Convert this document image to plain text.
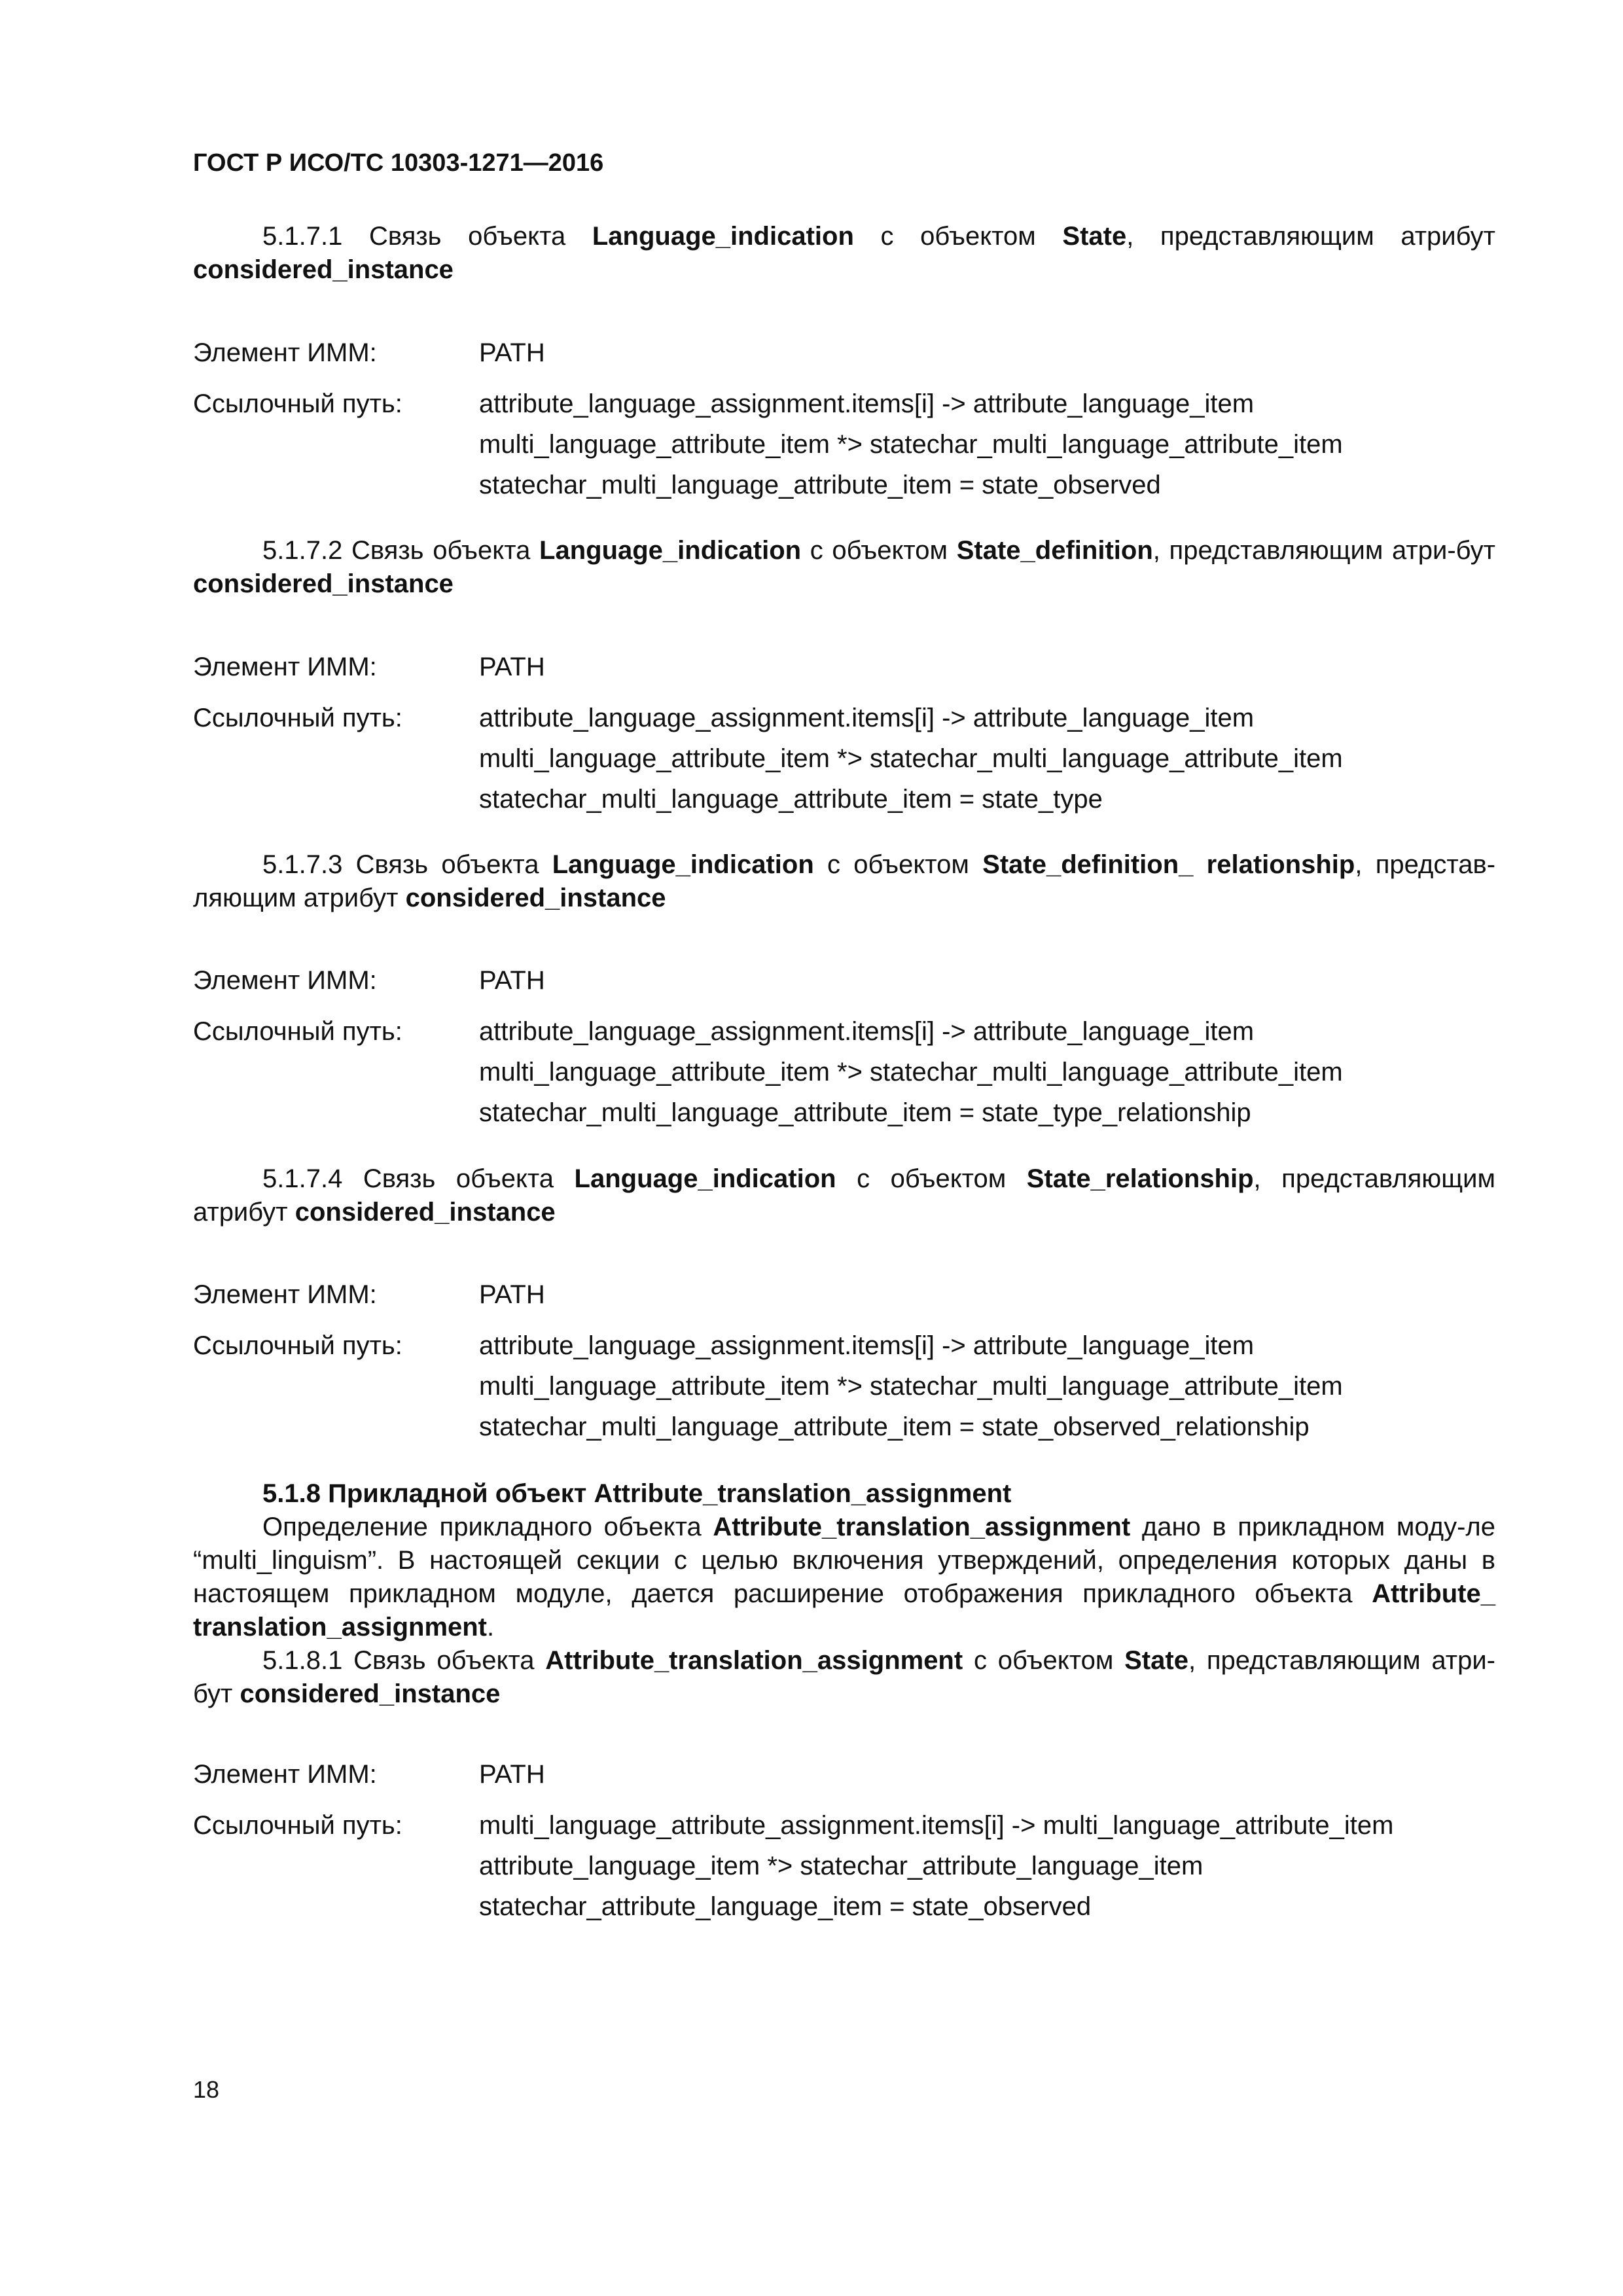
ГОСТ Р ИСО/ТС 10303-1271—2016
5.1.7.1 Связь объекта Language_indication с объектом State, представляющим атрибут considered_instance
Элемент ИММ:	PATH
Ссылочный путь:	attribute_language_assignment.items[i] -> attribute_language_item
multi_language_attribute_item *> statechar_multi_language_attribute_item
statechar_multi_language_attribute_item = state_observed
5.1.7.2 Связь объекта Language_indication с объектом State_definition, представляющим атри-бут considered_instance
Элемент ИММ:	PATH
Ссылочный путь:	attribute_language_assignment.items[i] -> attribute_language_item
multi_language_attribute_item *> statechar_multi_language_attribute_item
statechar_multi_language_attribute_item = state_type
5.1.7.3 Связь объекта Language_indication с объектом State_definition_ relationship, представ-ляющим атрибут considered_instance
Элемент ИММ:	PATH
Ссылочный путь:	attribute_language_assignment.items[i] -> attribute_language_item
multi_language_attribute_item *> statechar_multi_language_attribute_item
statechar_multi_language_attribute_item = state_type_relationship
5.1.7.4 Связь объекта Language_indication с объектом State_relationship, представляющим атрибут considered_instance
Элемент ИММ:	PATH
Ссылочный путь:	attribute_language_assignment.items[i] -> attribute_language_item
multi_language_attribute_item *> statechar_multi_language_attribute_item
statechar_multi_language_attribute_item = state_observed_relationship
5.1.8 Прикладной объект Attribute_translation_assignment
Определение прикладного объекта Attribute_translation_assignment дано в прикладном моду-ле “multi_linguism”. В настоящей секции с целью включения утверждений, определения которых даны в настоящем прикладном модуле, дается расширение отображения прикладного объекта Attribute_ translation_assignment.
5.1.8.1 Связь объекта Attribute_translation_assignment с объектом State, представляющим атри-бут considered_instance
Элемент ИММ:	PATH
Ссылочный путь:	multi_language_attribute_assignment.items[i] -> multi_language_attribute_item
attribute_language_item *> statechar_attribute_language_item
statechar_attribute_language_item = state_observed
18
